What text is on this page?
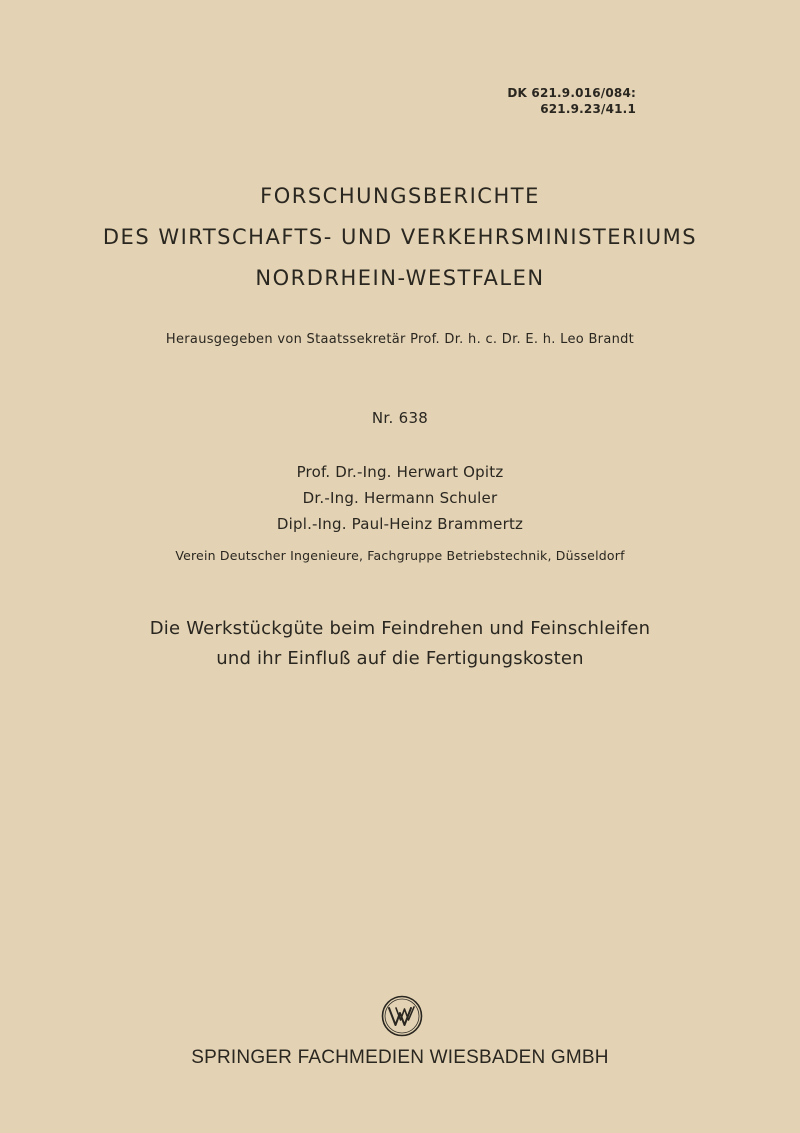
DK 621.9.016/084:
621.9.23/41.1
FORSCHUNGSBERICHTE
DES WIRTSCHAFTS- UND VERKEHRSMINISTERIUMS
NORDRHEIN-WESTFALEN
Herausgegeben von Staatssekretär Prof. Dr. h. c. Dr. E. h. Leo Brandt
Nr. 638
Prof. Dr.-Ing. Herwart Opitz
Dr.-Ing. Hermann Schuler
Dipl.-Ing. Paul-Heinz Brammertz
Verein Deutscher Ingenieure, Fachgruppe Betriebstechnik, Düsseldorf
Die Werkstückgüte beim Feindrehen und Feinschleifen
und ihr Einfluß auf die Fertigungskosten
SPRINGER FACHMEDIEN WIESBADEN GMBH
